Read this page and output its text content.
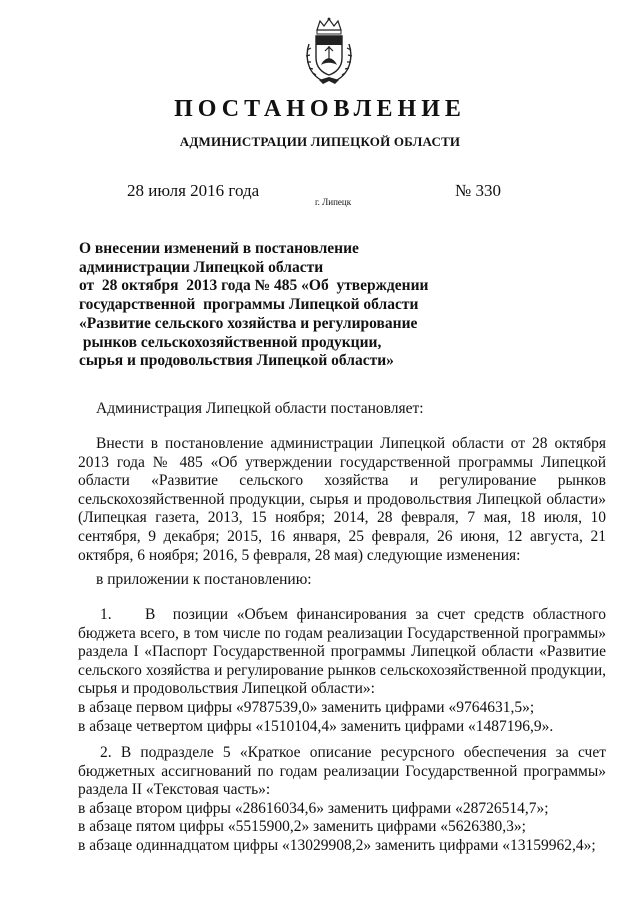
ПОСТАНОВЛЕНИЕ
АДМИНИСТРАЦИИ ЛИПЕЦКОЙ ОБЛАСТИ
28 июля 2016 года
г. Липецк
№ 330
О внесении изменений в постановление
администрации Липецкой области
от  28 октября  2013 года № 485 «Об  утверждении
государственной  программы Липецкой области
«Развитие сельского хозяйства и регулирование
рынков сельскохозяйственной продукции,
сырья и продовольствия Липецкой области»

Администрация Липецкой области постановляет:

Внести в постановление администрации Липецкой области от 28 октября 2013 года № 485 «Об утверждении государственной программы Липецкой области «Развитие сельского хозяйства и регулирование рынков сельскохозяйственной продукции, сырья и продовольствия Липецкой области» (Липецкая газета, 2013, 15 ноября; 2014, 28 февраля, 7 мая, 18 июля, 10 сентября, 9 декабря; 2015, 16 января, 25 февраля, 26 июня, 12 августа, 21 октября, 6 ноября; 2016, 5 февраля, 28 мая) следующие изменения:

в приложении к постановлению:

1. В  позиции «Объем финансирования за счет средств областного бюджета всего, в том числе по годам реализации Государственной программы» раздела I «Паспорт Государственной программы Липецкой области «Развитие сельского хозяйства и регулирование рынков сельскохозяйственной продукции, сырья и продовольствия Липецкой области»:

в абзаце первом цифры «9787539,0» заменить цифрами «9764631,5»;

в абзаце четвертом цифры «1510104,4» заменить цифрами «1487196,9».

2. В подразделе 5 «Краткое описание ресурсного обеспечения за счет бюджетных ассигнований по годам реализации Государственной программы» раздела II «Текстовая часть»:

в абзаце втором цифры «28616034,6» заменить цифрами «28726514,7»;

в абзаце пятом цифры «5515900,2» заменить цифрами «5626380,3»;

в абзаце одиннадцатом цифры «13029908,2» заменить цифрами «13159962,4»;
